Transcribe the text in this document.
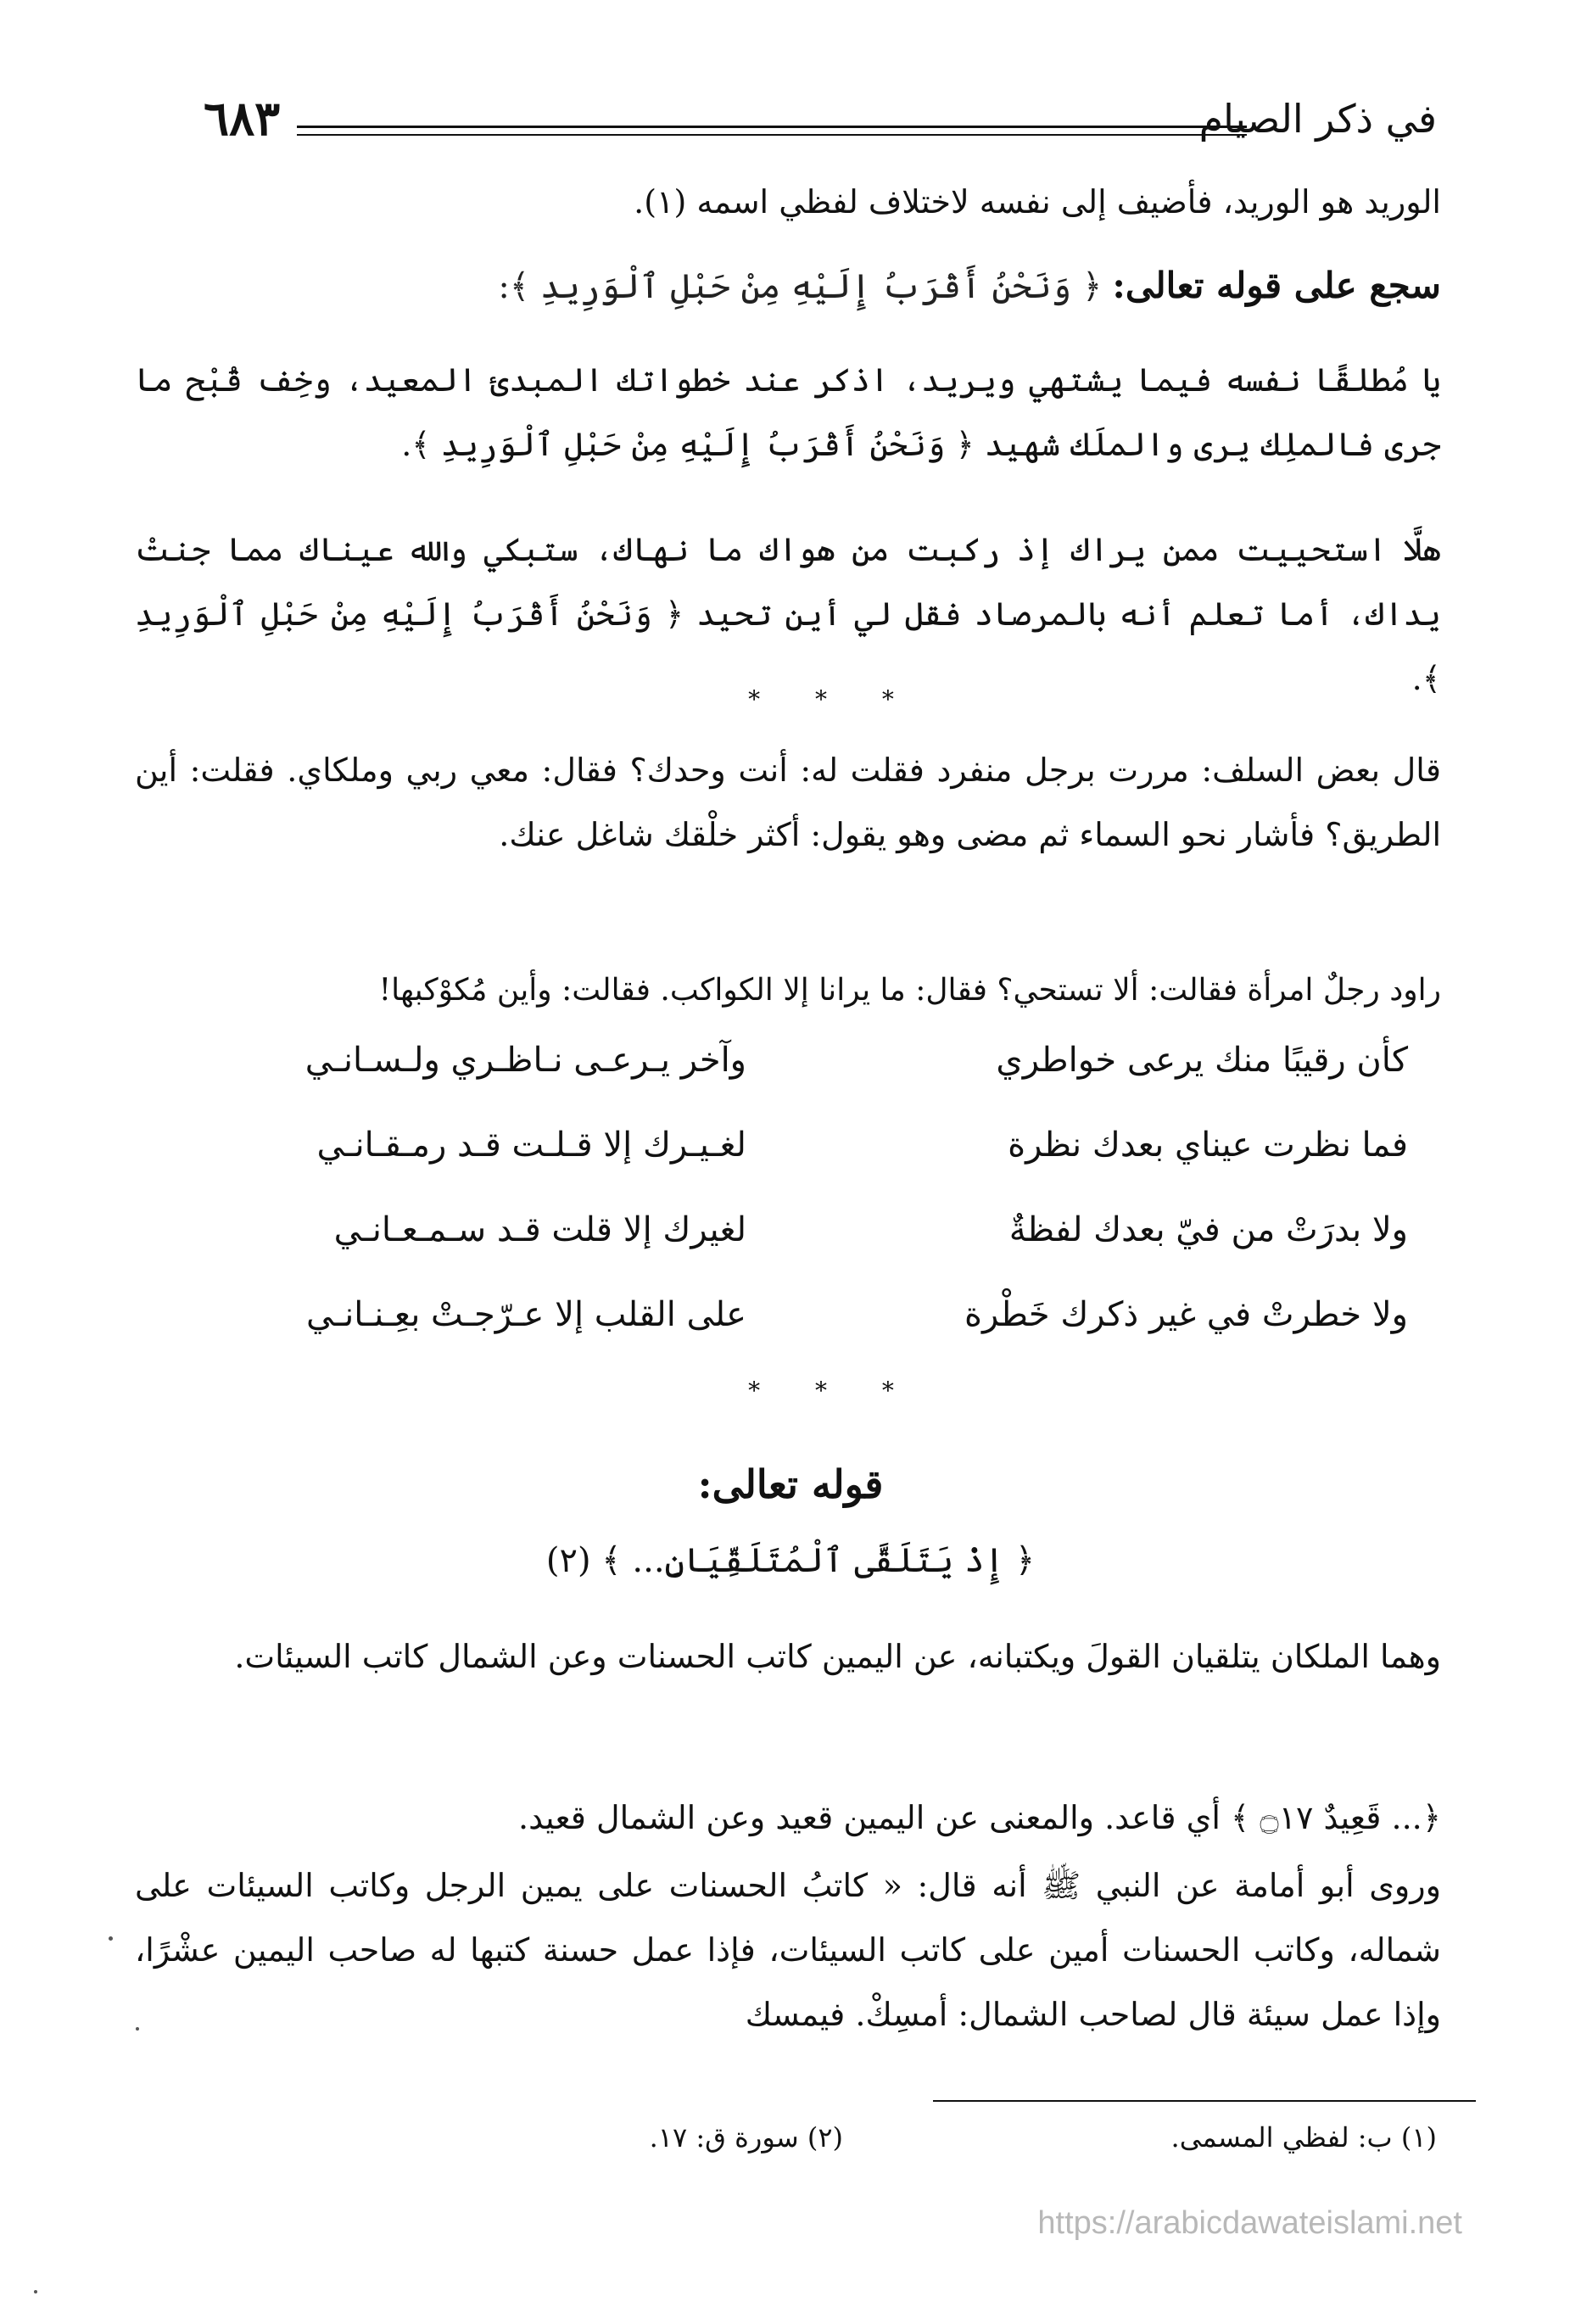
٦٨٣	في ذكر الصيام
الوريد هو الوريد، فأضيف إلى نفسه لاختلاف لفظي اسمه (١).
سجع على قوله تعالى: ﴿ وَنَحْنُ أَقْرَبُ إِلَيْهِ مِنْ حَبْلِ ٱلْوَرِيدِ ﴾:
يا مُطلقًا نفسه فيما يشتهي ويريد، اذكر عند خطواتك المبدئ المعيد، وخِف قُبْح ما جرى فالملِك يرى والملَك شهيد ﴿ وَنَحْنُ أَقْرَبُ إِلَيْهِ مِنْ حَبْلِ ٱلْوَرِيدِ ﴾.
هلَّا استحييت ممن يراك إذ ركبت من هواك ما نهاك، ستبكي والله عيناك مما جنتْ يداك، أما تعلم أنه بالمرصاد فقل لي أين تحيد ﴿ وَنَحْنُ أَقْرَبُ إِلَيْهِ مِنْ حَبْلِ ٱلْوَرِيدِ ﴾.
* * *
قال بعض السلف: مررت برجل منفرد فقلت له: أنت وحدك؟ فقال: معي ربي وملكاي. فقلت: أين الطريق؟ فأشار نحو السماء ثم مضى وهو يقول: أكثر خلْقك شاغل عنك.
راود رجلٌ امرأة فقالت: ألا تستحي؟ فقال: ما يرانا إلا الكواكب. فقالت: وأين مُكوْكبها!
كأن رقيبًا منك يرعى خواطري
وآخر يـرعـى نـاظـري ولـسـانـي
فما نظرت عيناي بعدك نظرة
لغـيـرك إلا قـلـت قـد رمـقـانـي
ولا بدرَتْ من فيّ بعدك لفظةٌ
لغيرك إلا قلت قـد سـمـعـانـي
ولا خطرتْ في غير ذكرك خَطْرة
على القلب إلا عـرّجـتْ بعِـنـانـي
* * *
قوله تعالى:
﴿ إِذْ يَتَلَقَّى ٱلْمُتَلَقِّيَانِ... ﴾ (٢)
وهما الملكان يتلقيان القولَ ويكتبانه، عن اليمين كاتب الحسنات وعن الشمال كاتب السيئات.
﴿... قَعِيدٌ ۝١٧ ﴾ أي قاعد. والمعنى عن اليمين قعيد وعن الشمال قعيد.
وروى أبو أمامة عن النبي ﷺ أنه قال: « كاتبُ الحسنات على يمين الرجل وكاتب السيئات على شماله، وكاتب الحسنات أمين على كاتب السيئات، فإذا عمل حسنة كتبها له صاحب اليمين عشْرًا، وإذا عمل سيئة قال لصاحب الشمال: أمسِكْ. فيمسك
(١) ب: لفظي المسمى.
(٢) سورة ق: ١٧.
https://arabicdawateislami.net
